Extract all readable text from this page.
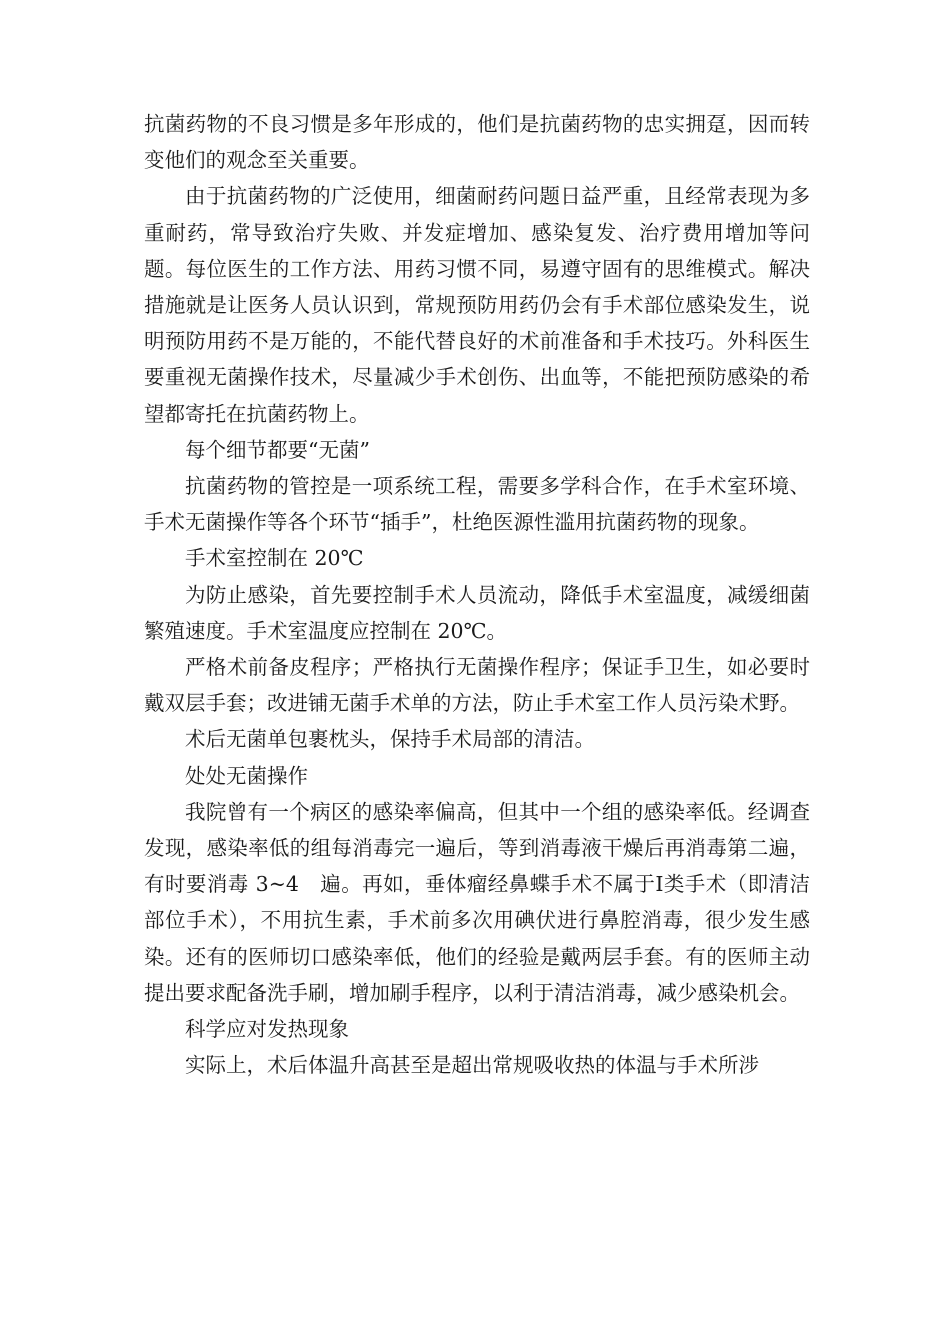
抗菌药物的不良习惯是多年形成的，他们是抗菌药物的忠实拥趸，因而转变他们的观念至关重要。

由于抗菌药物的广泛使用，细菌耐药问题日益严重，且经常表现为多重耐药，常导致治疗失败、并发症增加、感染复发、治疗费用增加等问题。每位医生的工作方法、用药习惯不同，易遵守固有的思维模式。解决措施就是让医务人员认识到，常规预防用药仍会有手术部位感染发生，说明预防用药不是万能的，不能代替良好的术前准备和手术技巧。外科医生要重视无菌操作技术，尽量减少手术创伤、出血等，不能把预防感染的希望都寄托在抗菌药物上。

每个细节都要“无菌”

抗菌药物的管控是一项系统工程，需要多学科合作，在手术室环境、手术无菌操作等各个环节“插手”，杜绝医源性滥用抗菌药物的现象。

手术室控制在 20℃

为防止感染，首先要控制手术人员流动，降低手术室温度，减缓细菌繁殖速度。手术室温度应控制在 20℃。

严格术前备皮程序；严格执行无菌操作程序；保证手卫生，如必要时戴双层手套；改进铺无菌手术单的方法，防止手术室工作人员污染术野。

术后无菌单包裹枕头，保持手术局部的清洁。

处处无菌操作

我院曾有一个病区的感染率偏高，但其中一个组的感染率低。经调查发现，感染率低的组每消毒完一遍后，等到消毒液干燥后再消毒第二遍，有时要消毒 3~4　遍。再如，垂体瘤经鼻蝶手术不属于Ⅰ类手术（即清洁部位手术），不用抗生素，手术前多次用碘伏进行鼻腔消毒，很少发生感染。还有的医师切口感染率低，他们的经验是戴两层手套。有的医师主动提出要求配备洗手刷，增加刷手程序，以利于清洁消毒，减少感染机会。

科学应对发热现象

实际上，术后体温升高甚至是超出常规吸收热的体温与手术所涉
